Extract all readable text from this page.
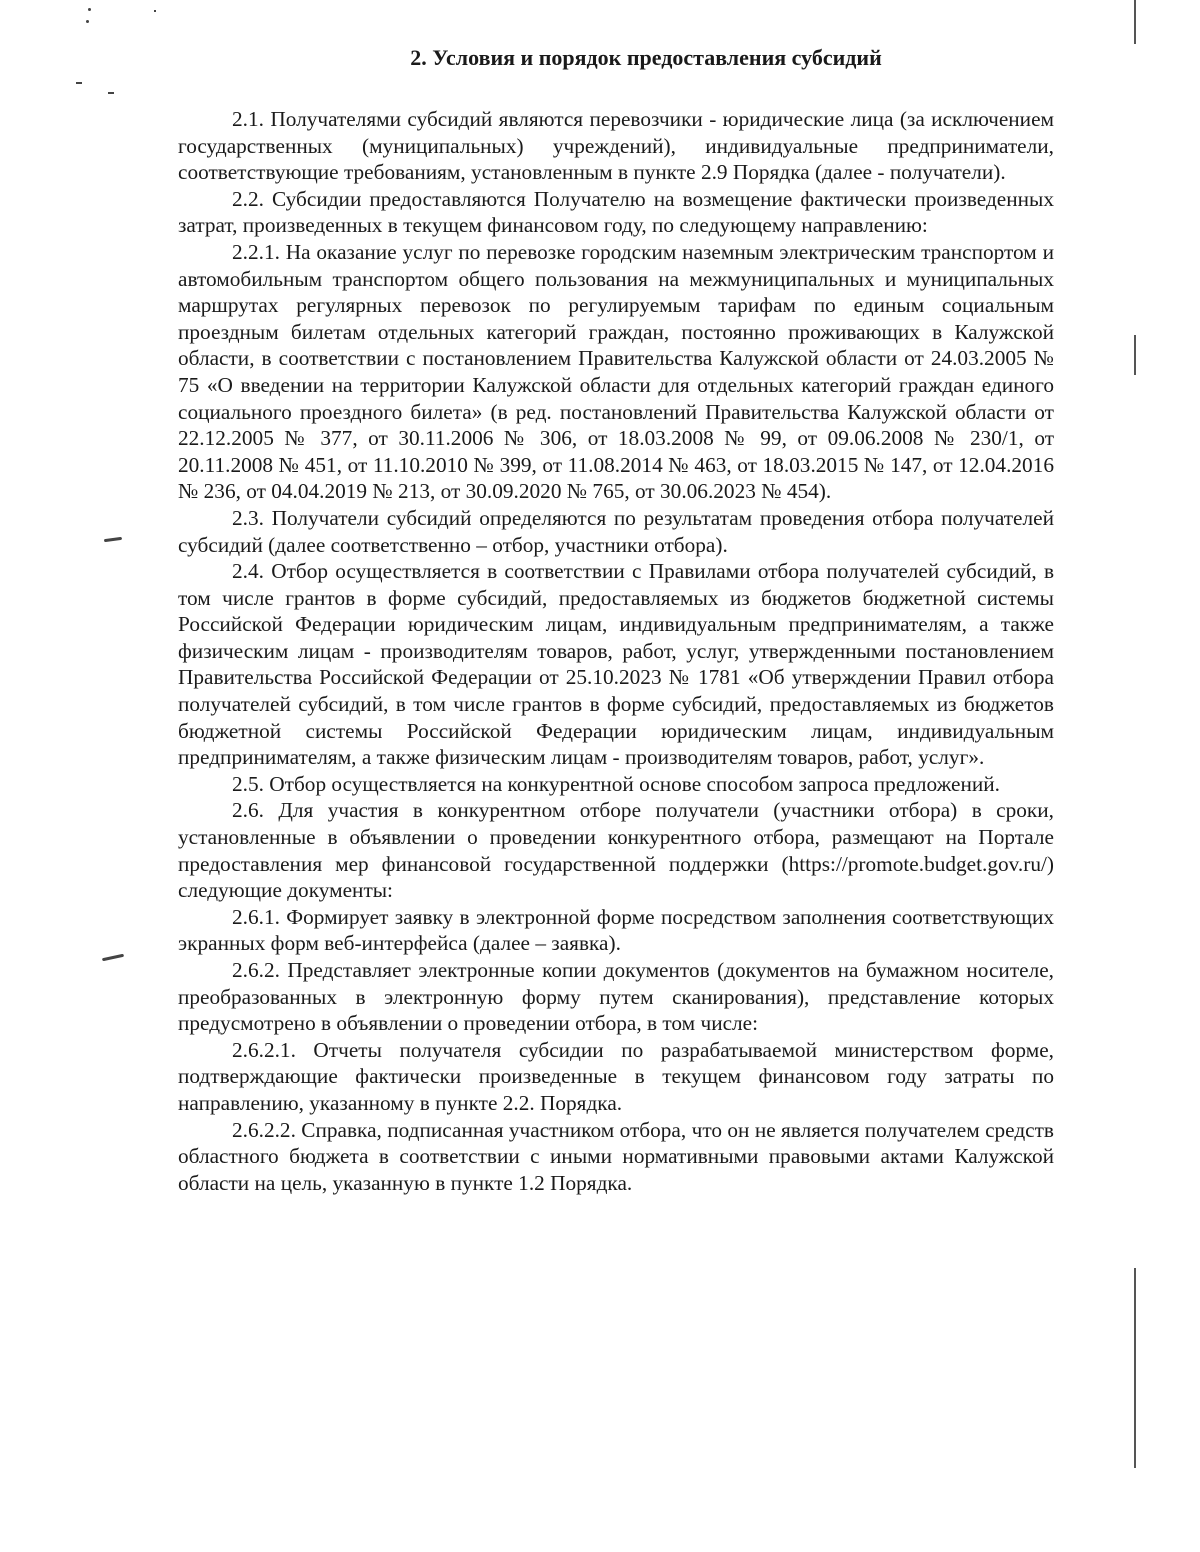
2. Условия и порядок предоставления субсидий

2.1. Получателями субсидий являются перевозчики - юридические лица (за исключением государственных (муниципальных) учреждений), индивидуальные предприниматели, соответствующие требованиям, установленным в пункте 2.9 Порядка (далее - получатели).

2.2. Субсидии предоставляются Получателю на возмещение фактически произведенных затрат, произведенных в текущем финансовом году, по следующему направлению:

2.2.1. На оказание услуг по перевозке городским наземным электрическим транспортом и автомобильным транспортом общего пользования на межмуниципальных и муниципальных маршрутах регулярных перевозок по регулируемым тарифам по единым социальным проездным билетам отдельных категорий граждан, постоянно проживающих в Калужской области, в соответствии с постановлением Правительства Калужской области от 24.03.2005 № 75 «О введении на территории Калужской области для отдельных категорий граждан единого социального проездного билета» (в ред. постановлений Правительства Калужской области от 22.12.2005 № 377, от 30.11.2006 № 306, от 18.03.2008 № 99, от 09.06.2008 № 230/1, от 20.11.2008 № 451, от 11.10.2010 № 399, от 11.08.2014 № 463, от 18.03.2015 № 147, от 12.04.2016 № 236, от 04.04.2019 № 213, от 30.09.2020 № 765, от 30.06.2023 № 454).

2.3. Получатели субсидий определяются по результатам проведения отбора получателей субсидий (далее соответственно – отбор, участники отбора).

2.4. Отбор осуществляется в соответствии с Правилами отбора получателей субсидий, в том числе грантов в форме субсидий, предоставляемых из бюджетов бюджетной системы Российской Федерации юридическим лицам, индивидуальным предпринимателям, а также физическим лицам - производителям товаров, работ, услуг, утвержденными постановлением Правительства Российской Федерации от 25.10.2023 № 1781 «Об утверждении Правил отбора получателей субсидий, в том числе грантов в форме субсидий, предоставляемых из бюджетов бюджетной системы Российской Федерации юридическим лицам, индивидуальным предпринимателям, а также физическим лицам - производителям товаров, работ, услуг».

2.5. Отбор осуществляется на конкурентной основе способом запроса предложений.

2.6. Для участия в конкурентном отборе получатели (участники отбора) в сроки, установленные в объявлении о проведении конкурентного отбора, размещают на Портале предоставления мер финансовой государственной поддержки (https://promote.budget.gov.ru/) следующие документы:

2.6.1. Формирует заявку в электронной форме посредством заполнения соответствующих экранных форм веб-интерфейса (далее – заявка).

2.6.2. Представляет электронные копии документов (документов на бумажном носителе, преобразованных в электронную форму путем сканирования), представление которых предусмотрено в объявлении о проведении отбора, в том числе:

2.6.2.1. Отчеты получателя субсидии по разрабатываемой министерством форме, подтверждающие фактически произведенные в текущем финансовом году затраты по направлению, указанному в пункте 2.2. Порядка.

2.6.2.2. Справка, подписанная участником отбора, что он не является получателем средств областного бюджета в соответствии с иными нормативными правовыми актами Калужской области на цель, указанную в пункте 1.2 Порядка.
